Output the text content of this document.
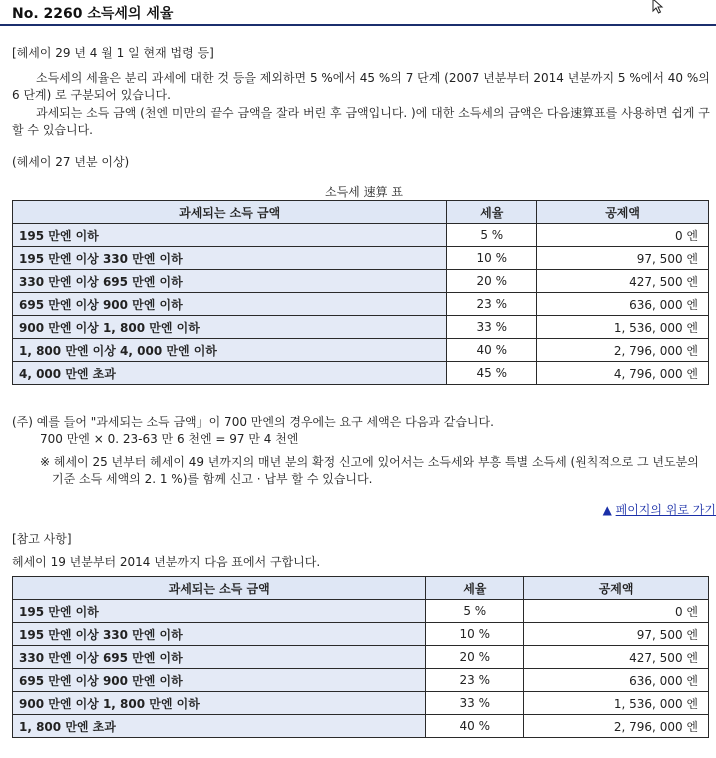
No. 2260 소득세의 세율
[헤세이 29 년 4 월 1 일 현재 법령 등]

소득세의 세율은 분리 과세에 대한 것 등을 제외하면 5 %에서 45 %의 7 단계 (2007 년분부터 2014 년분까지 5 %에서 40 %의 6 단계) 로 구분되어 있습니다.

과세되는 소득 금액 (천엔 미만의 끝수 금액을 잘라 버린 후 금액입니다. )에 대한 소득세의 금액은 다음速算표를 사용하면 쉽게 구할 수 있습니다.

(헤세이 27 년분 이상)
소득세 速算 표
과세되는 소득 금액	세율	공제액
195 만엔 이하	5 %	0 엔
195 만엔 이상 330 만엔 이하	10 %	97, 500 엔
330 만엔 이상 695 만엔 이하	20 %	427, 500 엔
695 만엔 이상 900 만엔 이하	23 %	636, 000 엔
900 만엔 이상 1, 800 만엔 이하	33 %	1, 536, 000 엔
1, 800 만엔 이상 4, 000 만엔 이하	40 %	2, 796, 000 엔
4, 000 만엔 초과	45 %	4, 796, 000 엔
(주) 예를 들어 "과세되는 소득 금액」이 700 만엔의 경우에는 요구 세액은 다음과 같습니다.
700 만엔 × 0. 23-63 만 6 천엔 = 97 만 4 천엔
※ 헤세이 25 년부터 헤세이 49 년까지의 매년 분의 확정 신고에 있어서는 소득세와 부흥 특별 소득세 (원칙적으로 그 년도분의
기준 소득 세액의 2. 1 %)를 함께 신고 · 납부 할 수 있습니다.
▲ 페이지의 위로 가기
[참고 사항]
헤세이 19 년분부터 2014 년분까지 다음 표에서 구합니다.
과세되는 소득 금액	세율	공제액
195 만엔 이하	5 %	0 엔
195 만엔 이상 330 만엔 이하	10 %	97, 500 엔
330 만엔 이상 695 만엔 이하	20 %	427, 500 엔
695 만엔 이상 900 만엔 이하	23 %	636, 000 엔
900 만엔 이상 1, 800 만엔 이하	33 %	1, 536, 000 엔
1, 800 만엔 초과	40 %	2, 796, 000 엔
